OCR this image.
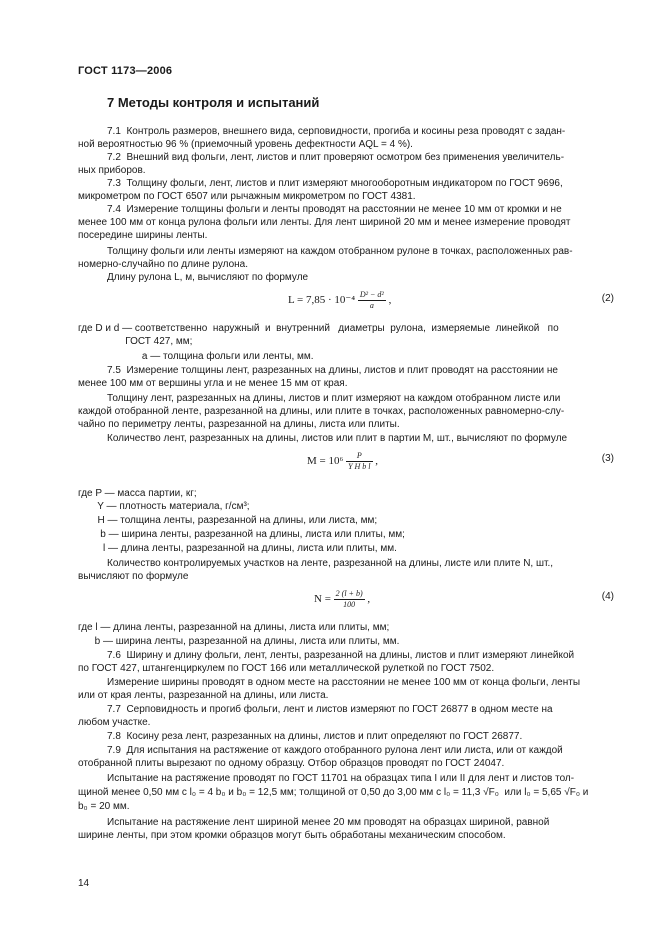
ГОСТ 1173—2006
7 Методы контроля и испытаний
7.1  Контроль размеров, внешнего вида, серповидности, прогиба и косины реза проводят с задан-
ной вероятностью 96 % (приемочный уровень дефектности AQL = 4 %).
7.2  Внешний вид фольги, лент, листов и плит проверяют осмотром без применения увеличитель-
ных приборов.
7.3  Толщину фольги, лент, листов и плит измеряют многооборотным индикатором по ГОСТ 9696,
микрометром по ГОСТ 6507 или рычажным микрометром по ГОСТ 4381.
7.4  Измерение толщины фольги и ленты проводят на расстоянии не менее 10 мм от кромки и не
менее 100 мм от конца рулона фольги или ленты. Для лент шириной 20 мм и менее измерение проводят
посередине ширины ленты.
Толщину фольги или ленты измеряют на каждом отобранном рулоне в точках, расположенных рав-
номерно-случайно по длине рулона.
Длину рулона L, м, вычисляют по формуле
где D и d — соответственно  наружный  и  внутренний   диаметры  рулона,  измеряемые  линейкой   по
ГОСТ 427, мм;
a — толщина фольги или ленты, мм.
7.5  Измерение толщины лент, разрезанных на длины, листов и плит проводят на расстоянии не
менее 100 мм от вершины угла и не менее 15 мм от края.
Толщину лент, разрезанных на длины, листов и плит измеряют на каждом отобранном листе или
каждой отобранной ленте, разрезанной на длины, или плите в точках, расположенных равномерно-слу-
чайно по периметру ленты, разрезанной на длины, листа или плиты.
Количество лент, разрезанных на длины, листов или плит в партии M, шт., вычисляют по формуле
где P — масса партии, кг;
Y — плотность материала, г/см³;
H — толщина ленты, разрезанной на длины, или листа, мм;
b — ширина ленты, разрезанной на длины, листа или плиты, мм;
l — длина ленты, разрезанной на длины, листа или плиты, мм.
Количество контролируемых участков на ленте, разрезанной на длины, листе или плите N, шт.,
вычисляют по формуле
где l — длина ленты, разрезанной на длины, листа или плиты, мм;
b — ширина ленты, разрезанной на длины, листа или плиты, мм.
7.6  Ширину и длину фольги, лент, ленты, разрезанной на длины, листов и плит измеряют линейкой
по ГОСТ 427, штангенциркулем по ГОСТ 166 или металлической рулеткой по ГОСТ 7502.
Измерение ширины проводят в одном месте на расстоянии не менее 100 мм от конца фольги, ленты
или от края ленты, разрезанной на длины, или листа.
7.7  Серповидность и прогиб фольги, лент и листов измеряют по ГОСТ 26877 в одном месте на
любом участке.
7.8  Косину реза лент, разрезанных на длины, листов и плит определяют по ГОСТ 26877.
7.9  Для испытания на растяжение от каждого отобранного рулона лент или листа, или от каждой
отобранной плиты вырезают по одному образцу. Отбор образцов проводят по ГОСТ 24047.
Испытание на растяжение проводят по ГОСТ 11701 на образцах типа I или II для лент и листов тол-
щиной менее 0,50 мм с l₀ = 4 b₀ и b₀ = 12,5 мм; толщиной от 0,50 до 3,00 мм с l₀ = 11,3 √F₀  или l₀ = 5,65 √F₀ и
b₀ = 20 мм.
Испытание на растяжение лент шириной менее 20 мм проводят на образцах шириной, равной
ширине ленты, при этом кромки образцов могут быть обработаны механическим способом.
$L = 7,85 \cdot 10^{-4} \frac{\text{D² − d²}}{a}$ ,	(2)
$M = 10^6 \frac{P}{\text{Y H b l}}$ ,	(3)
$N = \frac{2 (l + b)}{100}$ ,	(4)
14
